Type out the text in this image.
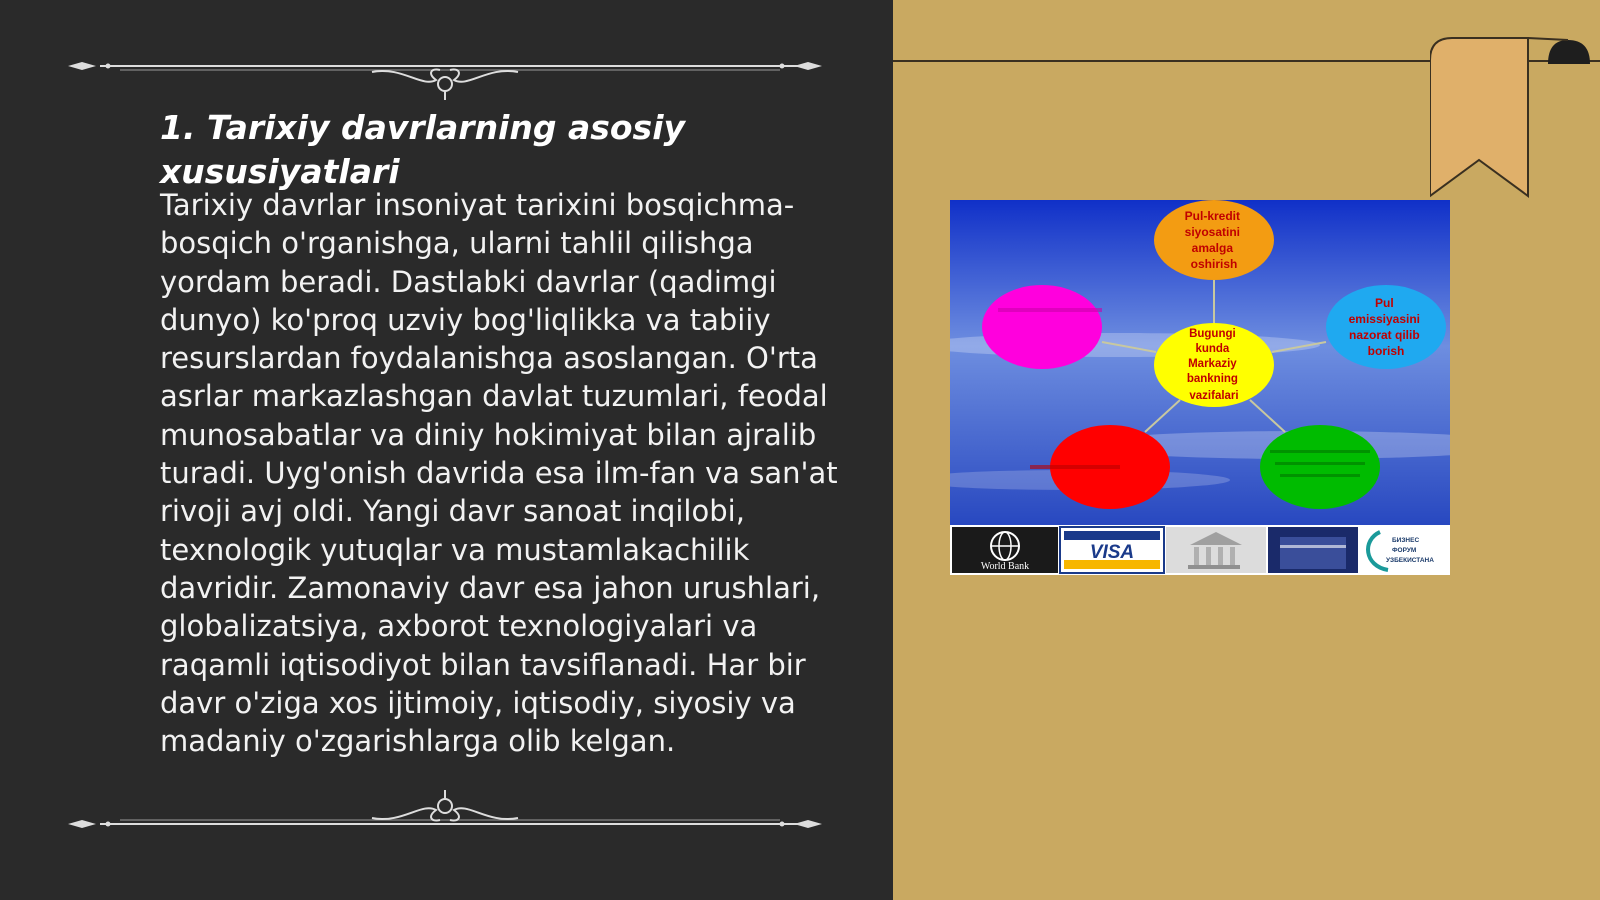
1. Tarixiy davrlarning asosiy xususiyatlari

Tarixiy davrlar insoniyat tarixini bosqichma-bosqich o'rganishga, ularni tahlil qilishga yordam beradi. Dastlabki davrlar (qadimgi dunyo) ko'proq uzviy bog'liqlikka va tabiiy resurslardan foydalanishga asoslangan. O'rta asrlar markazlashgan davlat tuzumlari, feodal munosabatlar va diniy hokimiyat bilan ajralib turadi. Uyg'onish davrida esa ilm-fan va san'at rivoji avj oldi. Yangi davr sanoat inqilobi, texnologik yutuqlar va mustamlakachilik davridir. Zamonaviy davr esa jahon urushlari, globalizatsiya, axborot texnologiyalari va raqamli iqtisodiyot bilan tavsiflanadi. Har bir davr o'ziga xos ijtimoiy, iqtisodiy, siyosiy va madaniy o'zgarishlarga olib kelgan.

Pul-kredit siyosatini amalga oshirish
Pul emissiyasini nazorat qilib borish
Bugungi kunda Markaziy bankning vazifalari
World Bank
VISA
БИЗНЕС ФОРУМ УЗБЕКИСТАНА
